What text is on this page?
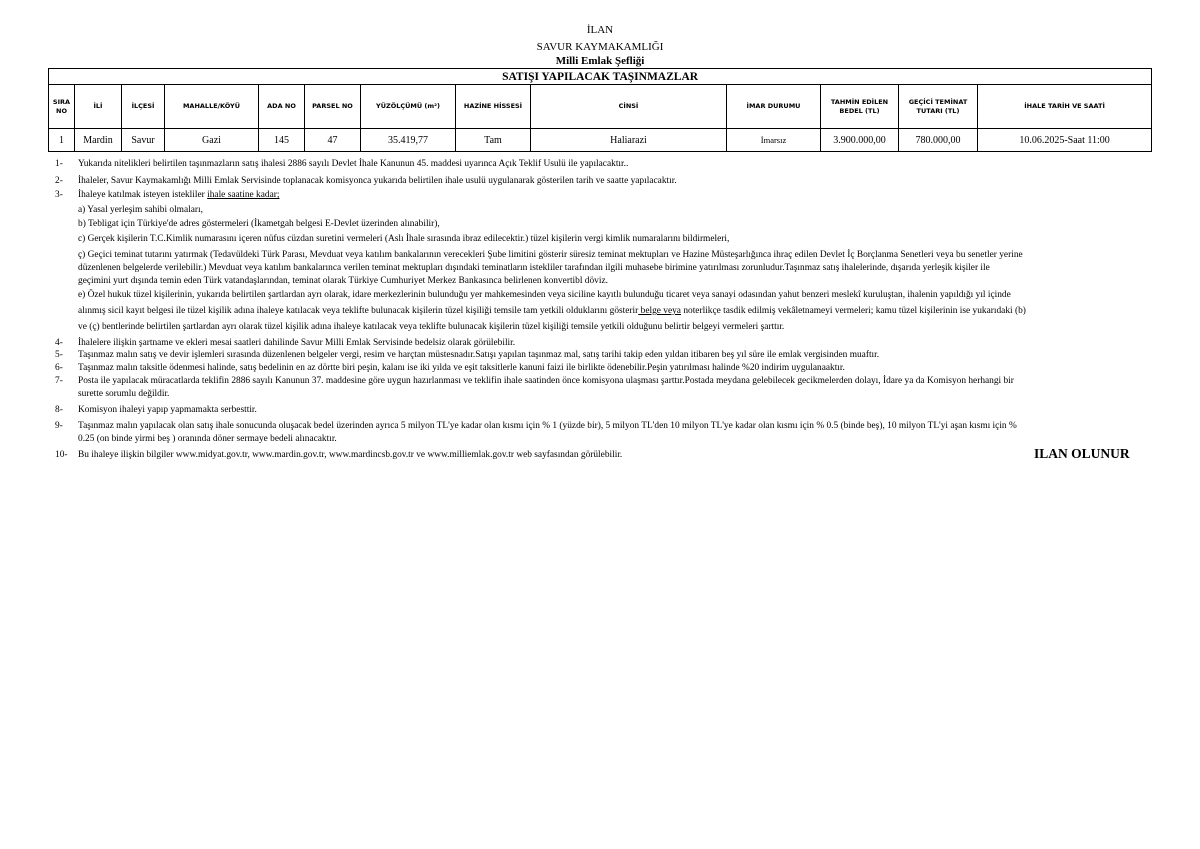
İLAN
SAVUR KAYMAKAMLIĞI
Milli Emlak Şefliği
SATIŞI YAPILACAK TAŞINMAZLAR												
SIRA NO	İLİ	İLÇESİ	MAHALLE/KÖYÜ	ADA NO	PARSEL NO	YÜZÖLÇÜMÜ (m²)	HAZİNE HİSSESİ	CİNSİ	İMAR DURUMU	TAHMİN EDİLEN BEDEL (TL)	GEÇİCİ TEMİNAT TUTARI (TL)	İHALE TARİH VE SAATİ
1	Mardin	Savur	Gazi	145	47	35.419,77	Tam	Haliarazi	İmarsız	3.900.000,00	780.000,00	10.06.2025-Saat 11:00
1-	Yukarıda nitelikleri belirtilen taşınmazların satış ihalesi 2886 sayılı Devlet İhale Kanunun 45. maddesi uyarınca Açık Teklif Usulü ile yapılacaktır..
2-	İhaleler, Savur Kaymakamlığı Milli Emlak Servisinde toplanacak komisyonca yukarıda belirtilen ihale usulü uygulanarak gösterilen tarih ve saatte yapılacaktır.
3-	İhaleye katılmak isteyen istekliler ihale saatine kadar;
a) Yasal yerleşim sahibi olmaları,
b) Tebligat için Türkiye'de adres göstermeleri (İkametgah belgesi E-Devlet üzerinden alınabilir),
c) Gerçek kişilerin T.C.Kimlik numarasını içeren nüfus cüzdan suretini vermeleri (Aslı İhale sırasında ibraz edilecektir.) tüzel kişilerin vergi kimlik numaralarını bildirmeleri,
ç) Geçici teminat tutarını yatırmak (Tedavüldeki Türk Parası, Mevduat veya katılım bankalarının verecekleri Şube limitini gösterir süresiz teminat mektupları ve Hazine Müsteşarlığınca ihraç edilen Devlet İç Borçlanma Senetleri veya bu senetler yerine
düzenlenen belgelerde verilebilir.) Mevduat veya katılım bankalarınca verilen teminat mektupları dışındaki teminatların istekliler tarafından ilgili muhasebe birimine yatırılması zorunludur.Taşınmaz satış ihalelerinde, dışarıda yerleşik kişiler ile
geçimini yurt dışında temin eden Türk vatandaşlarından, teminat olarak Türkiye Cumhuriyet Merkez Bankasınca belirlenen konvertibl döviz.
e) Özel hukuk tüzel kişilerinin, yukarıda belirtilen şartlardan ayrı olarak, idare merkezlerinin bulunduğu yer mahkemesinden veya siciline kayıtlı bulunduğu ticaret veya sanayi odasından yahut benzeri meslekî kuruluştan, ihalenin yapıldığı yıl içinde
alınmış sicil kayıt belgesi ile tüzel kişilik adına ihaleye katılacak veya teklifte bulunacak kişilerin tüzel kişiliği temsile tam yetkili olduklarını gösterir belge veya noterlikçe tasdik edilmiş vekâletnameyi vermeleri; kamu tüzel kişilerinin ise yukarıdaki (b)
ve (ç) bentlerinde belirtilen şartlardan ayrı olarak tüzel kişilik adına ihaleye katılacak veya teklifte bulunacak kişilerin tüzel kişiliği temsile yetkili olduğunu belirtir belgeyi vermeleri şarttır.
4-	İhalelere ilişkin şartname ve ekleri mesai saatleri dahilinde Savur Milli Emlak Servisinde bedelsiz olarak görülebilir.
5-	Taşınmaz malın satış ve devir işlemleri sırasında düzenlenen belgeler vergi, resim ve harçtan müstesnadır.Satışı yapılan taşınmaz mal, satış tarihi takip eden yıldan itibaren beş yıl süre ile emlak vergisinden muaftır.
6-	Taşınmaz malın taksitle ödenmesi halinde, satış bedelinin en az dörtte biri peşin, kalanı ise iki yılda ve eşit taksitlerle kanuni faizi ile birlikte ödenebilir.Peşin yatırılması halinde %20 indirim uygulanaaktır.
7-	Posta ile yapılacak müracatlarda teklifin 2886 sayılı Kanunun 37. maddesine göre uygun hazırlanması ve teklifin ihale saatinden önce komisyona ulaşması şarttır.Postada meydana gelebilecek gecikmelerden dolayı, İdare ya da Komisyon herhangi bir
surette sorumlu değildir.
8-	Komisyon ihaleyi yapıp yapmamakta serbesttir.
9-	Taşınmaz malın yapılacak olan satış ihale sonucunda oluşacak bedel üzerinden ayrıca 5 milyon TL'ye kadar olan kısmı için % 1 (yüzde bir), 5 milyon TL'den 10 milyon TL'ye kadar olan kısmı için % 0.5 (binde beş), 10 milyon TL'yi aşan kısmı için %
0.25 (on binde yirmi beş ) oranında döner sermaye bedeli alınacaktır.
10-	Bu ihaleye ilişkin bilgiler www.midyat.gov.tr, www.mardin.gov.tr, www.mardincsb.gov.tr ve www.milliemlak.gov.tr web sayfasından görülebilir.	ILAN OLUNUR
